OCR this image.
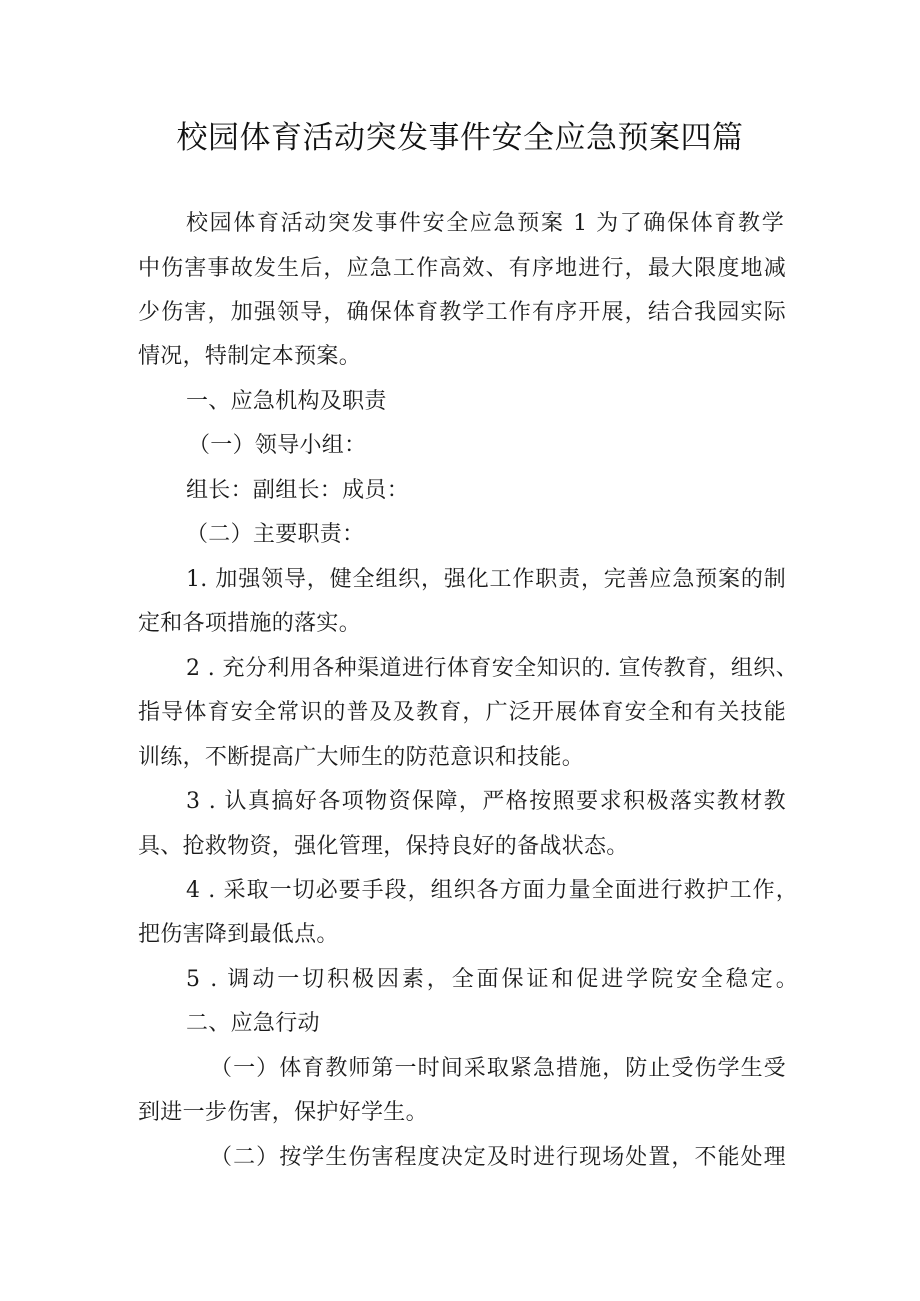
校园体育活动突发事件安全应急预案四篇
校园体育活动突发事件安全应急预案 1 为了确保体育教学
中伤害事故发生后，应急工作高效、有序地进行，最大限度地减
少伤害，加强领导，确保体育教学工作有序开展，结合我园实际
情况，特制定本预案。
一、应急机构及职责
（一）领导小组：
组长：副组长：成员：
（二）主要职责：
1. 加强领导，健全组织，强化工作职责，完善应急预案的制
定和各项措施的落实。
2 . 充分利用各种渠道进行体育安全知识的. 宣传教育，组织、
指导体育安全常识的普及及教育，广泛开展体育安全和有关技能
训练，不断提高广大师生的防范意识和技能。
3 . 认真搞好各项物资保障，严格按照要求积极落实教材教
具、抢救物资，强化管理，保持良好的备战状态。
4 . 采取一切必要手段，组织各方面力量全面进行救护工作，
把伤害降到最低点。
5 . 调动一切积极因素，全面保证和促进学院安全稳定。
二、应急行动
（一）体育教师第一时间采取紧急措施，防止受伤学生受
到进一步伤害，保护好学生。
（二）按学生伤害程度决定及时进行现场处置，不能处理
